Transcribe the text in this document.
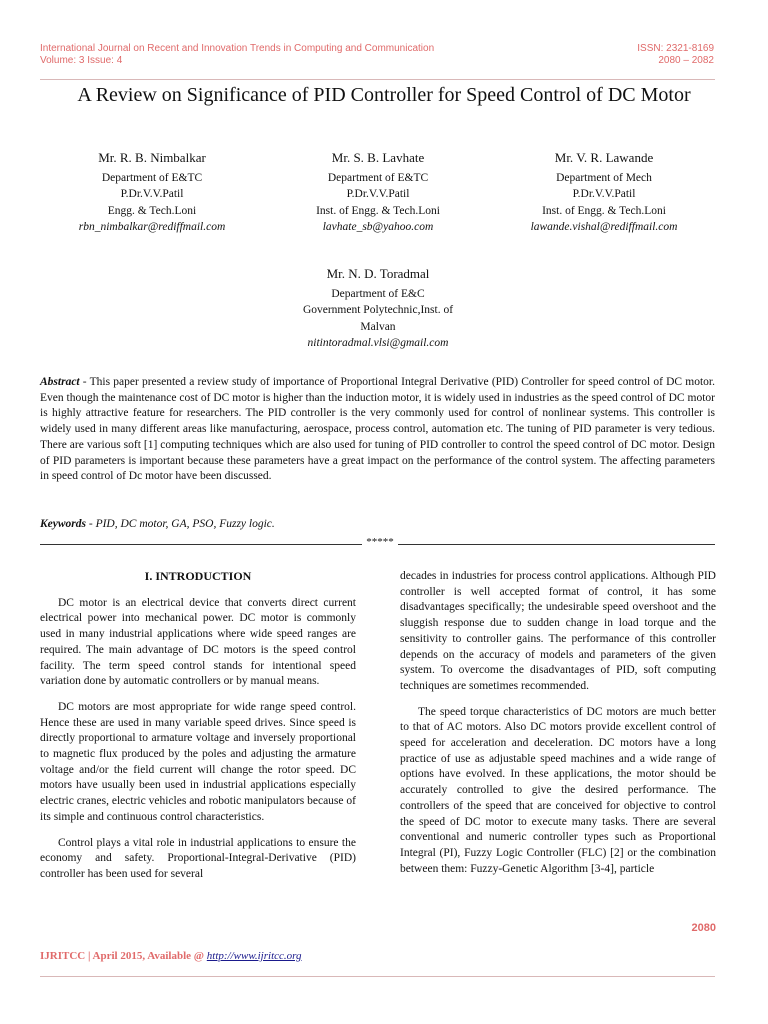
International Journal on Recent and Innovation Trends in Computing and Communication
Volume: 3 Issue: 4
ISSN: 2321-8169
2080 – 2082
A Review on Significance of PID Controller for Speed Control of DC Motor
Mr. R. B. Nimbalkar
Department of E&TC
P.Dr.V.V.Patil
Engg. & Tech.Loni
rbn_nimbalkar@rediffmail.com
Mr. S. B. Lavhate
Department of E&TC
P.Dr.V.V.Patil
Inst. of Engg. & Tech.Loni
lavhate_sb@yahoo.com
Mr. V. R. Lawande
Department of Mech
P.Dr.V.V.Patil
Inst. of Engg. & Tech.Loni
lawande.vishal@rediffmail.com
Mr. N. D. Toradmal
Department of E&C
Government Polytechnic,Inst. of
Malvan
nitintoradmal.vlsi@gmail.com
Abstract - This paper presented a review study of importance of Proportional Integral Derivative (PID) Controller for speed control of DC motor. Even though the maintenance cost of DC motor is higher than the induction motor, it is widely used in industries as the speed control of DC motor is highly attractive feature for researchers. The PID controller is the very commonly used for control of nonlinear systems. This controller is widely used in many different areas like manufacturing, aerospace, process control, automation etc. The tuning of PID parameter is very tedious. There are various soft [1] computing techniques which are also used for tuning of PID controller to control the speed control of DC motor. Design of PID parameters is important because these parameters have a great impact on the performance of the control system. The affecting parameters in speed control of Dc motor have been discussed.
Keywords - PID, DC motor, GA, PSO, Fuzzy logic.
*****
I. INTRODUCTION

DC motor is an electrical device that converts direct current electrical power into mechanical power. DC motor is commonly used in many industrial applications where wide speed ranges are required. The main advantage of DC motors is the speed control facility. The term speed control stands for intentional speed variation done by automatic controllers or by manual means.

DC motors are most appropriate for wide range speed control. Hence these are used in many variable speed drives. Since speed is directly proportional to armature voltage and inversely proportional to magnetic flux produced by the poles and adjusting the armature voltage and/or the field current will change the rotor speed. DC motors have usually been used in industrial applications especially electric cranes, electric vehicles and robotic manipulators because of its simple and continuous control characteristics.

Control plays a vital role in industrial applications to ensure the economy and safety. Proportional-Integral-Derivative (PID) controller has been used for several

decades in industries for process control applications. Although PID controller is well accepted format of control, it has some disadvantages specifically; the undesirable speed overshoot and the sluggish response due to sudden change in load torque and the sensitivity to controller gains. The performance of this controller depends on the accuracy of models and parameters of the given system. To overcome the disadvantages of PID, soft computing techniques are sometimes recommended.

The speed torque characteristics of DC motors are much better to that of AC motors. Also DC motors provide excellent control of speed for acceleration and deceleration. DC motors have a long practice of use as adjustable speed machines and a wide range of options have evolved. In these applications, the motor should be accurately controlled to give the desired performance. The controllers of the speed that are conceived for objective to control the speed of DC motor to execute many tasks. There are several conventional and numeric controller types such as Proportional Integral (PI), Fuzzy Logic Controller (FLC) [2] or the combination between them: Fuzzy-Genetic Algorithm [3-4], particle

2080
IJRITCC | April 2015, Available @ http://www.ijritcc.org
